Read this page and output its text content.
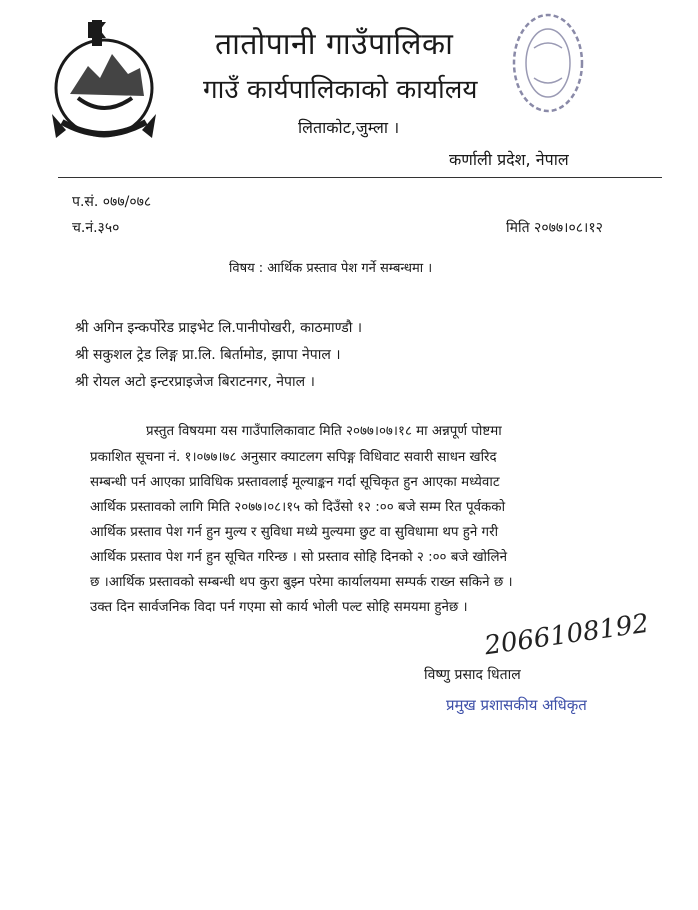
तातोपानी गाउँपालिका
गाउँ कार्यपालिकाको कार्यालय
लिताकोट,जुम्ला ।
कर्णाली प्रदेश, नेपाल
प.सं. ०७७/०७८
च.नं.३५०	मिति २०७७।०८।१२
विषय : आर्थिक प्रस्ताव पेश गर्ने सम्बन्धमा ।
श्री अगिन इन्कर्पोरेड प्राइभेट लि.पानीपोखरी, काठमाण्डौ ।
श्री सकुशल ट्रेड लिङ्ग प्रा.लि. बिर्तामोड, झापा नेपाल ।
श्री रोयल अटो इन्टरप्राइजेज बिराटनगर, नेपाल ।
प्रस्तुत विषयमा यस गाउँपालिकावाट मिति २०७७।०७।१८ मा अन्नपूर्ण पोष्टमा
प्रकाशित सूचना नं. १।०७७।७८ अनुसार क्याटलग सपिङ्ग विधिवाट सवारी साधन खरिद
सम्बन्धी पर्न आएका प्राविधिक प्रस्तावलाई मूल्याङ्कन गर्दा सूचिकृत हुन आएका मध्येवाट
आर्थिक प्रस्तावको लागि मिति २०७७।०८।१५ को दिउँसो १२ :०० बजे सम्म रित पूर्वकको
आर्थिक प्रस्ताव पेश गर्न हुन मुल्य र सुविधा मध्ये मुल्यमा छुट वा सुविधामा थप हुने गरी
आर्थिक प्रस्ताव पेश गर्न हुन सूचित गरिन्छ । सो प्रस्ताव सोहि दिनको २ :०० बजे खोलिने
छ ।आर्थिक प्रस्तावको सम्बन्धी थप कुरा बुझ्न परेमा कार्यालयमा सम्पर्क राख्न सकिने छ ।
उक्त दिन सार्वजनिक विदा पर्न गएमा सो कार्य भोली पल्ट सोहि समयमा हुनेछ ।
2066108192
विष्णु प्रसाद धिताल
प्रमुख प्रशासकीय अधिकृत
